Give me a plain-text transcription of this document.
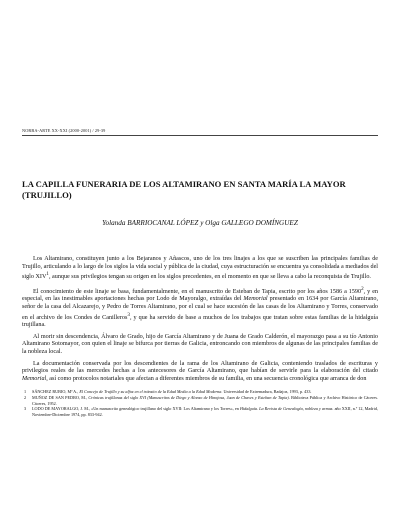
NORBA-ARTE XX-XXI (2000-2001) / 29-39
LA CAPILLA FUNERARIA DE LOS ALTAMIRANO EN SANTA MARÍA LA MAYOR (TRUJILLO)
Yolanda BARRIOCANAL LÓPEZ y Olga GALLEGO DOMÍNGUEZ

Los Altamirano, constituyen junto a los Bejaranos y Añascos, uno de los tres linajes a los que se suscriben las principales familias de Trujillo, articulando a lo largo de los siglos la vida social y pública de la ciudad, cuya estructuración se encuentra ya consolidada a mediados del siglo XIV$^1$, aunque sus privilegios tengan su origen en los siglos precedentes, en el momento en que se lleva a cabo la reconquista de Trujillo.

El conocimiento de este linaje se basa, fundamentalmente, en el manuscrito de Esteban de Tapia, escrito por los años 1586 a 1590$^2$, y en especial, en las inestimables aportaciones hechas por Lodo de Mayoralgo, extraídas del Memorial presentado en 1634 por García Altamirano, señor de la casa del Alcazarejo, y Pedro de Torres Altamirano, por el cual se hace sucesión de las casas de los Altamirano y Torres, conservado en el archivo de los Condes de Canilleros$^3$, y que ha servido de base a muchos de los trabajos que tratan sobre estas familias de la hidalguía trujillana.

Al morir sin descendencia, Álvaro de Grado, hijo de García Altamirano y de Juana de Grado Calderón, el mayorazgo pasa a su tío Antonio Altamirano Sotomayor, con quien el linaje se bifurca por tierras de Galicia, entroncando con miembros de algunas de las principales familias de la nobleza local.

La documentación conservada por los descendientes de la rama de los Altamirano de Galicia, conteniendo traslados de escrituras y privilegios reales de las mercedes hechas a los antecesores de García Altamirano, que habían de servirle para la elaboración del citado Memorial, así como protocolos notariales que afectan a diferentes miembros de su familia, en una secuencia cronológica que arranca de don

1 SÁNCHEZ RUBIO, Mª A., El Concejo de Trujillo y su alfoz en el tránsito de la Edad Media a la Edad Moderna. Universidad de Extremadura, Badajoz, 1993, p. 433.

2 MUÑOZ DE SAN PEDRO, M., Crónicas trujillanas del siglo XVI (Manuscritos de Diego y Alonso de Hinojosa, Juan de Chaves y Esteban de Tapia). Biblioteca Pública y Archivo Histórico de Cáceres. Cáceres, 1952.

3 LODO DE MAYORALGO, J. M., «Un manuscrito genealógico trujillano del siglo XVII: Los Altamirano y los Torres», en Hidalguía. La Revista de Genealogía, nobleza y armas. año XXII, n.º 12, Madrid, Noviembre-Diciembre 1974, pp. 833-942.
